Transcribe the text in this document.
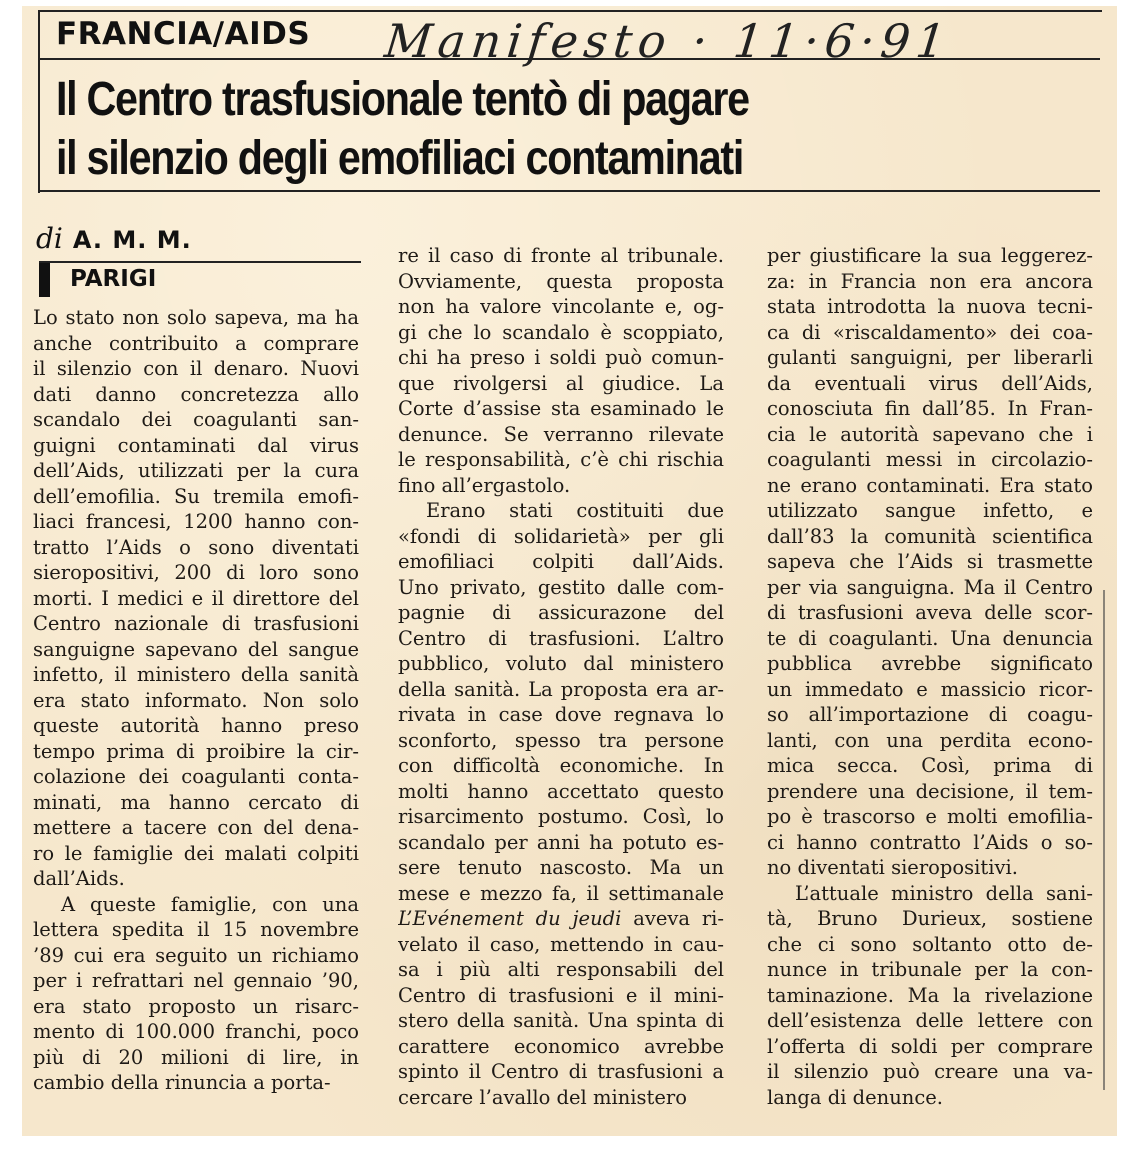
FRANCIA/AIDS Manifesto · 11·6·91
Il Centro trasfusionale tentò di pagare
il silenzio degli emofiliaci contaminati
di A. M. M.
PARIGI

Lo stato non solo sapeva, ma ha
anche contribuito a comprare
il silenzio con il denaro. Nuovi
dati danno concretezza allo
scandalo dei coagulanti san-
guigni contaminati dal virus
dell’Aids, utilizzati per la cura
dell’emofilia. Su tremila emofi-
liaci francesi, 1200 hanno con-
tratto l’Aids o sono diventati
sieropositivi, 200 di loro sono
morti. I medici e il direttore del
Centro nazionale di trasfusioni
sanguigne sapevano del sangue
infetto, il ministero della sanità
era stato informato. Non solo
queste autorità hanno preso
tempo prima di proibire la cir-
colazione dei coagulanti conta-
minati, ma hanno cercato di
mettere a tacere con del dena-
ro le famiglie dei malati colpiti
dall’Aids.

A queste famiglie, con una
lettera spedita il 15 novembre
’89 cui era seguito un richiamo
per i refrattari nel gennaio ’90,
era stato proposto un risarc-
mento di 100.000 franchi, poco
più di 20 milioni di lire, in
cambio della rinuncia a porta-

re il caso di fronte al tribunale.
Ovviamente, questa proposta
non ha valore vincolante e, og-
gi che lo scandalo è scoppiato,
chi ha preso i soldi può comun-
que rivolgersi al giudice. La
Corte d’assise sta esaminado le
denunce. Se verranno rilevate
le responsabilità, c’è chi rischia
fino all’ergastolo.

Erano stati costituiti due
«fondi di solidarietà» per gli
emofiliaci colpiti dall’Aids.
Uno privato, gestito dalle com-
pagnie di assicurazone del
Centro di trasfusioni. L’altro
pubblico, voluto dal ministero
della sanità. La proposta era ar-
rivata in case dove regnava lo
sconforto, spesso tra persone
con difficoltà economiche. In
molti hanno accettato questo
risarcimento postumo. Così, lo
scandalo per anni ha potuto es-
sere tenuto nascosto. Ma un
mese e mezzo fa, il settimanale
L’Evénement du jeudi aveva ri-
velato il caso, mettendo in cau-
sa i più alti responsabili del
Centro di trasfusioni e il mini-
stero della sanità. Una spinta di
carattere economico avrebbe
spinto il Centro di trasfusioni a
cercare l’avallo del ministero

per giustificare la sua leggerez-
za: in Francia non era ancora
stata introdotta la nuova tecni-
ca di «riscaldamento» dei coa-
gulanti sanguigni, per liberarli
da eventuali virus dell’Aids,
conosciuta fin dall’85. In Fran-
cia le autorità sapevano che i
coagulanti messi in circolazio-
ne erano contaminati. Era stato
utilizzato sangue infetto, e
dall’83 la comunità scientifica
sapeva che l’Aids si trasmette
per via sanguigna. Ma il Centro
di trasfusioni aveva delle scor-
te di coagulanti. Una denuncia
pubblica avrebbe significato
un immedato e massicio ricor-
so all’importazione di coagu-
lanti, con una perdita econo-
mica secca. Così, prima di
prendere una decisione, il tem-
po è trascorso e molti emofilia-
ci hanno contratto l’Aids o so-
no diventati sieropositivi.

L’attuale ministro della sani-
tà, Bruno Durieux, sostiene
che ci sono soltanto otto de-
nunce in tribunale per la con-
taminazione. Ma la rivelazione
dell’esistenza delle lettere con
l’offerta di soldi per comprare
il silenzio può creare una va-
langa di denunce.
